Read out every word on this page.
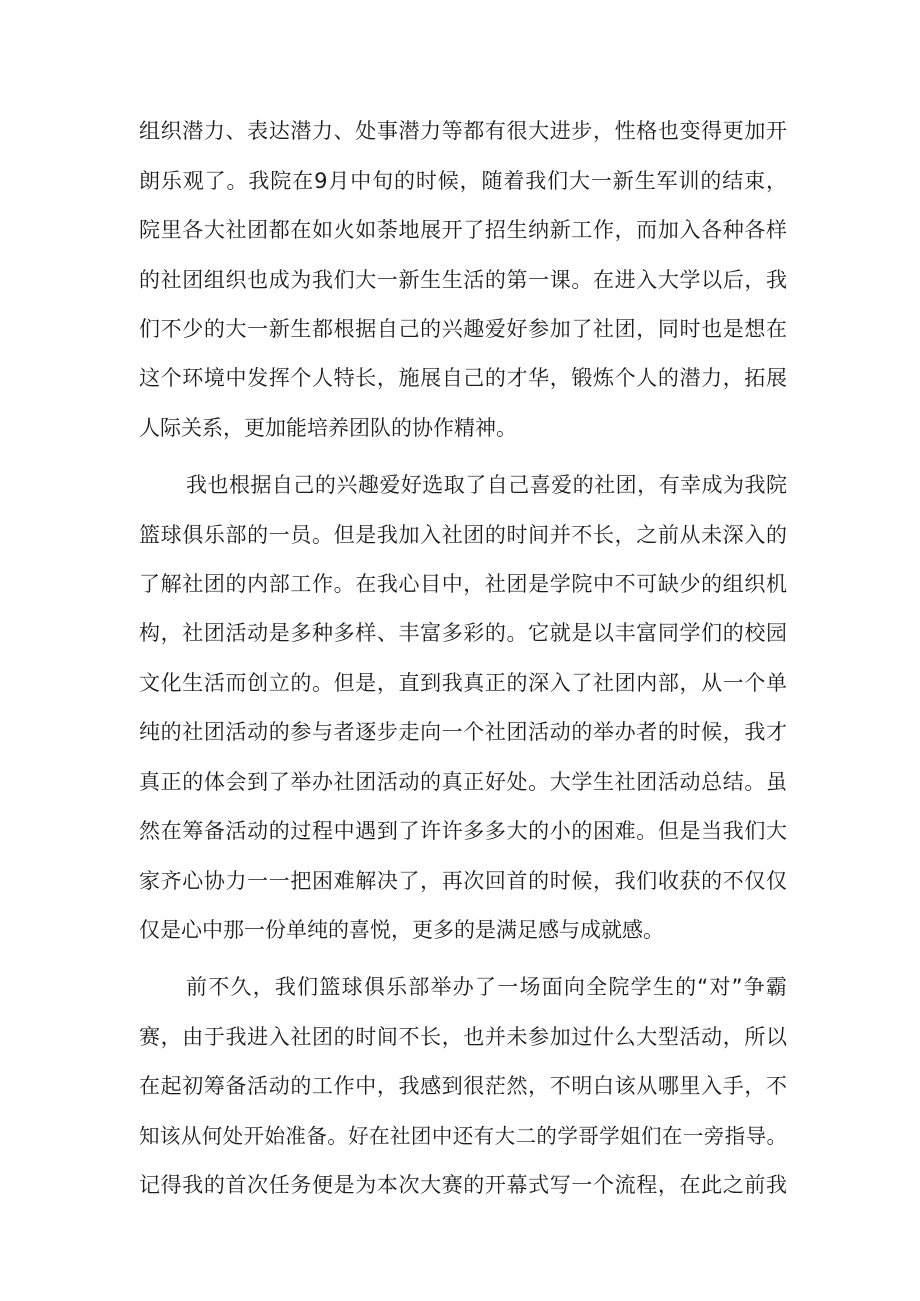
组织潜力、表达潜力、处事潜力等都有很大进步，性格也变得更加开
朗乐观了。我院在9月中旬的时候，随着我们大一新生军训的结束，
院里各大社团都在如火如荼地展开了招生纳新工作，而加入各种各样
的社团组织也成为我们大一新生生活的第一课。在进入大学以后，我
们不少的大一新生都根据自己的兴趣爱好参加了社团，同时也是想在
这个环境中发挥个人特长，施展自己的才华，锻炼个人的潜力，拓展
人际关系，更加能培养团队的协作精神。
我也根据自己的兴趣爱好选取了自己喜爱的社团，有幸成为我院
篮球俱乐部的一员。但是我加入社团的时间并不长，之前从未深入的
了解社团的内部工作。在我心目中，社团是学院中不可缺少的组织机
构，社团活动是多种多样、丰富多彩的。它就是以丰富同学们的校园
文化生活而创立的。但是，直到我真正的深入了社团内部，从一个单
纯的社团活动的参与者逐步走向一个社团活动的举办者的时候，我才
真正的体会到了举办社团活动的真正好处。大学生社团活动总结。虽
然在筹备活动的过程中遇到了许许多多大的小的困难。但是当我们大
家齐心协力一一把困难解决了，再次回首的时候，我们收获的不仅仅
仅是心中那一份单纯的喜悦，更多的是满足感与成就感。
前不久，我们篮球俱乐部举办了一场面向全院学生的“对”争霸
赛，由于我进入社团的时间不长，也并未参加过什么大型活动，所以
在起初筹备活动的工作中，我感到很茫然，不明白该从哪里入手，不
知该从何处开始准备。好在社团中还有大二的学哥学姐们在一旁指导。
记得我的首次任务便是为本次大赛的开幕式写一个流程，在此之前我
